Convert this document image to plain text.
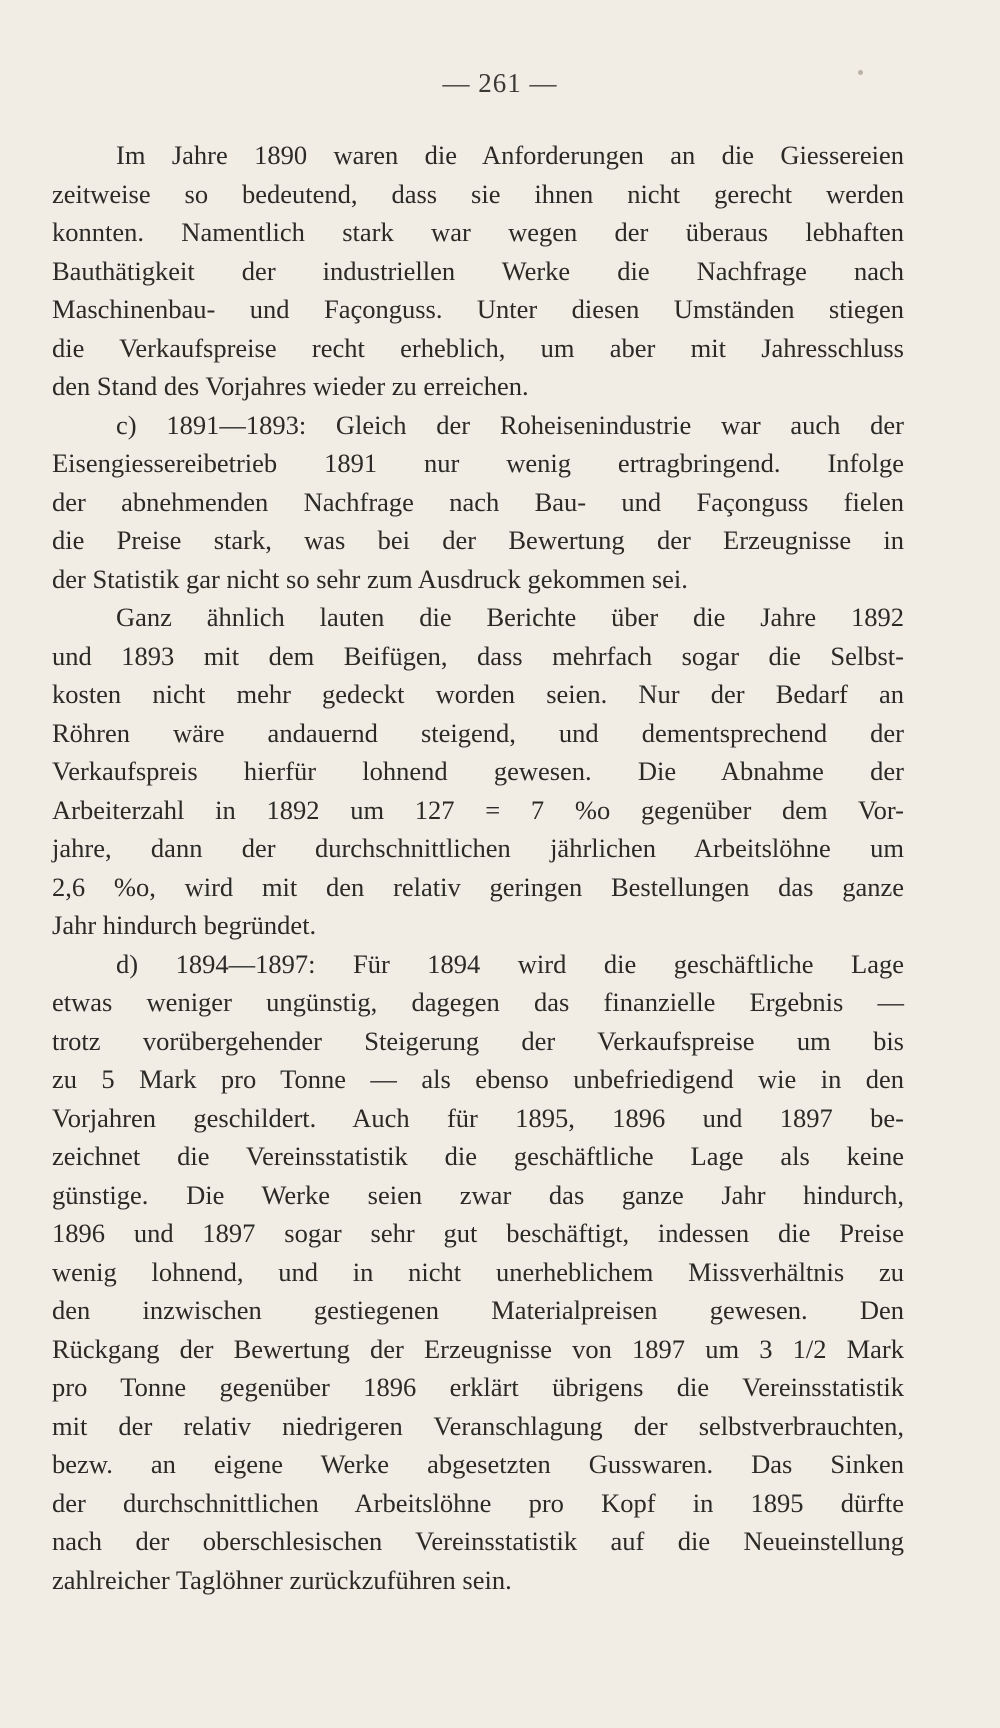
— 261 —
Im Jahre 1890 waren die Anforderungen an die Giessereien
zeitweise so bedeutend, dass sie ihnen nicht gerecht werden
konnten. Namentlich stark war wegen der überaus lebhaften
Bauthätigkeit der industriellen Werke die Nachfrage nach
Maschinenbau- und Façonguss. Unter diesen Umständen stiegen
die Verkaufspreise recht erheblich, um aber mit Jahresschluss
den Stand des Vorjahres wieder zu erreichen.
c) 1891—1893: Gleich der Roheisenindustrie war auch der
Eisengiessereibetrieb 1891 nur wenig ertragbringend. Infolge
der abnehmenden Nachfrage nach Bau- und Façonguss fielen
die Preise stark, was bei der Bewertung der Erzeugnisse in
der Statistik gar nicht so sehr zum Ausdruck gekommen sei.
Ganz ähnlich lauten die Berichte über die Jahre 1892
und 1893 mit dem Beifügen, dass mehrfach sogar die Selbst-
kosten nicht mehr gedeckt worden seien. Nur der Bedarf an
Röhren wäre andauernd steigend, und dementsprechend der
Verkaufspreis hierfür lohnend gewesen. Die Abnahme der
Arbeiterzahl in 1892 um 127 = 7 %o gegenüber dem Vor-
jahre, dann der durchschnittlichen jährlichen Arbeitslöhne um
2,6 %o, wird mit den relativ geringen Bestellungen das ganze
Jahr hindurch begründet.
d) 1894—1897: Für 1894 wird die geschäftliche Lage
etwas weniger ungünstig, dagegen das finanzielle Ergebnis —
trotz vorübergehender Steigerung der Verkaufspreise um bis
zu 5 Mark pro Tonne — als ebenso unbefriedigend wie in den
Vorjahren geschildert. Auch für 1895, 1896 und 1897 be-
zeichnet die Vereinsstatistik die geschäftliche Lage als keine
günstige. Die Werke seien zwar das ganze Jahr hindurch,
1896 und 1897 sogar sehr gut beschäftigt, indessen die Preise
wenig lohnend, und in nicht unerheblichem Missverhältnis zu
den inzwischen gestiegenen Materialpreisen gewesen. Den
Rückgang der Bewertung der Erzeugnisse von 1897 um 3 1/2 Mark
pro Tonne gegenüber 1896 erklärt übrigens die Vereinsstatistik
mit der relativ niedrigeren Veranschlagung der selbstverbrauchten,
bezw. an eigene Werke abgesetzten Gusswaren. Das Sinken
der durchschnittlichen Arbeitslöhne pro Kopf in 1895 dürfte
nach der oberschlesischen Vereinsstatistik auf die Neueinstellung
zahlreicher Taglöhner zurückzuführen sein.
